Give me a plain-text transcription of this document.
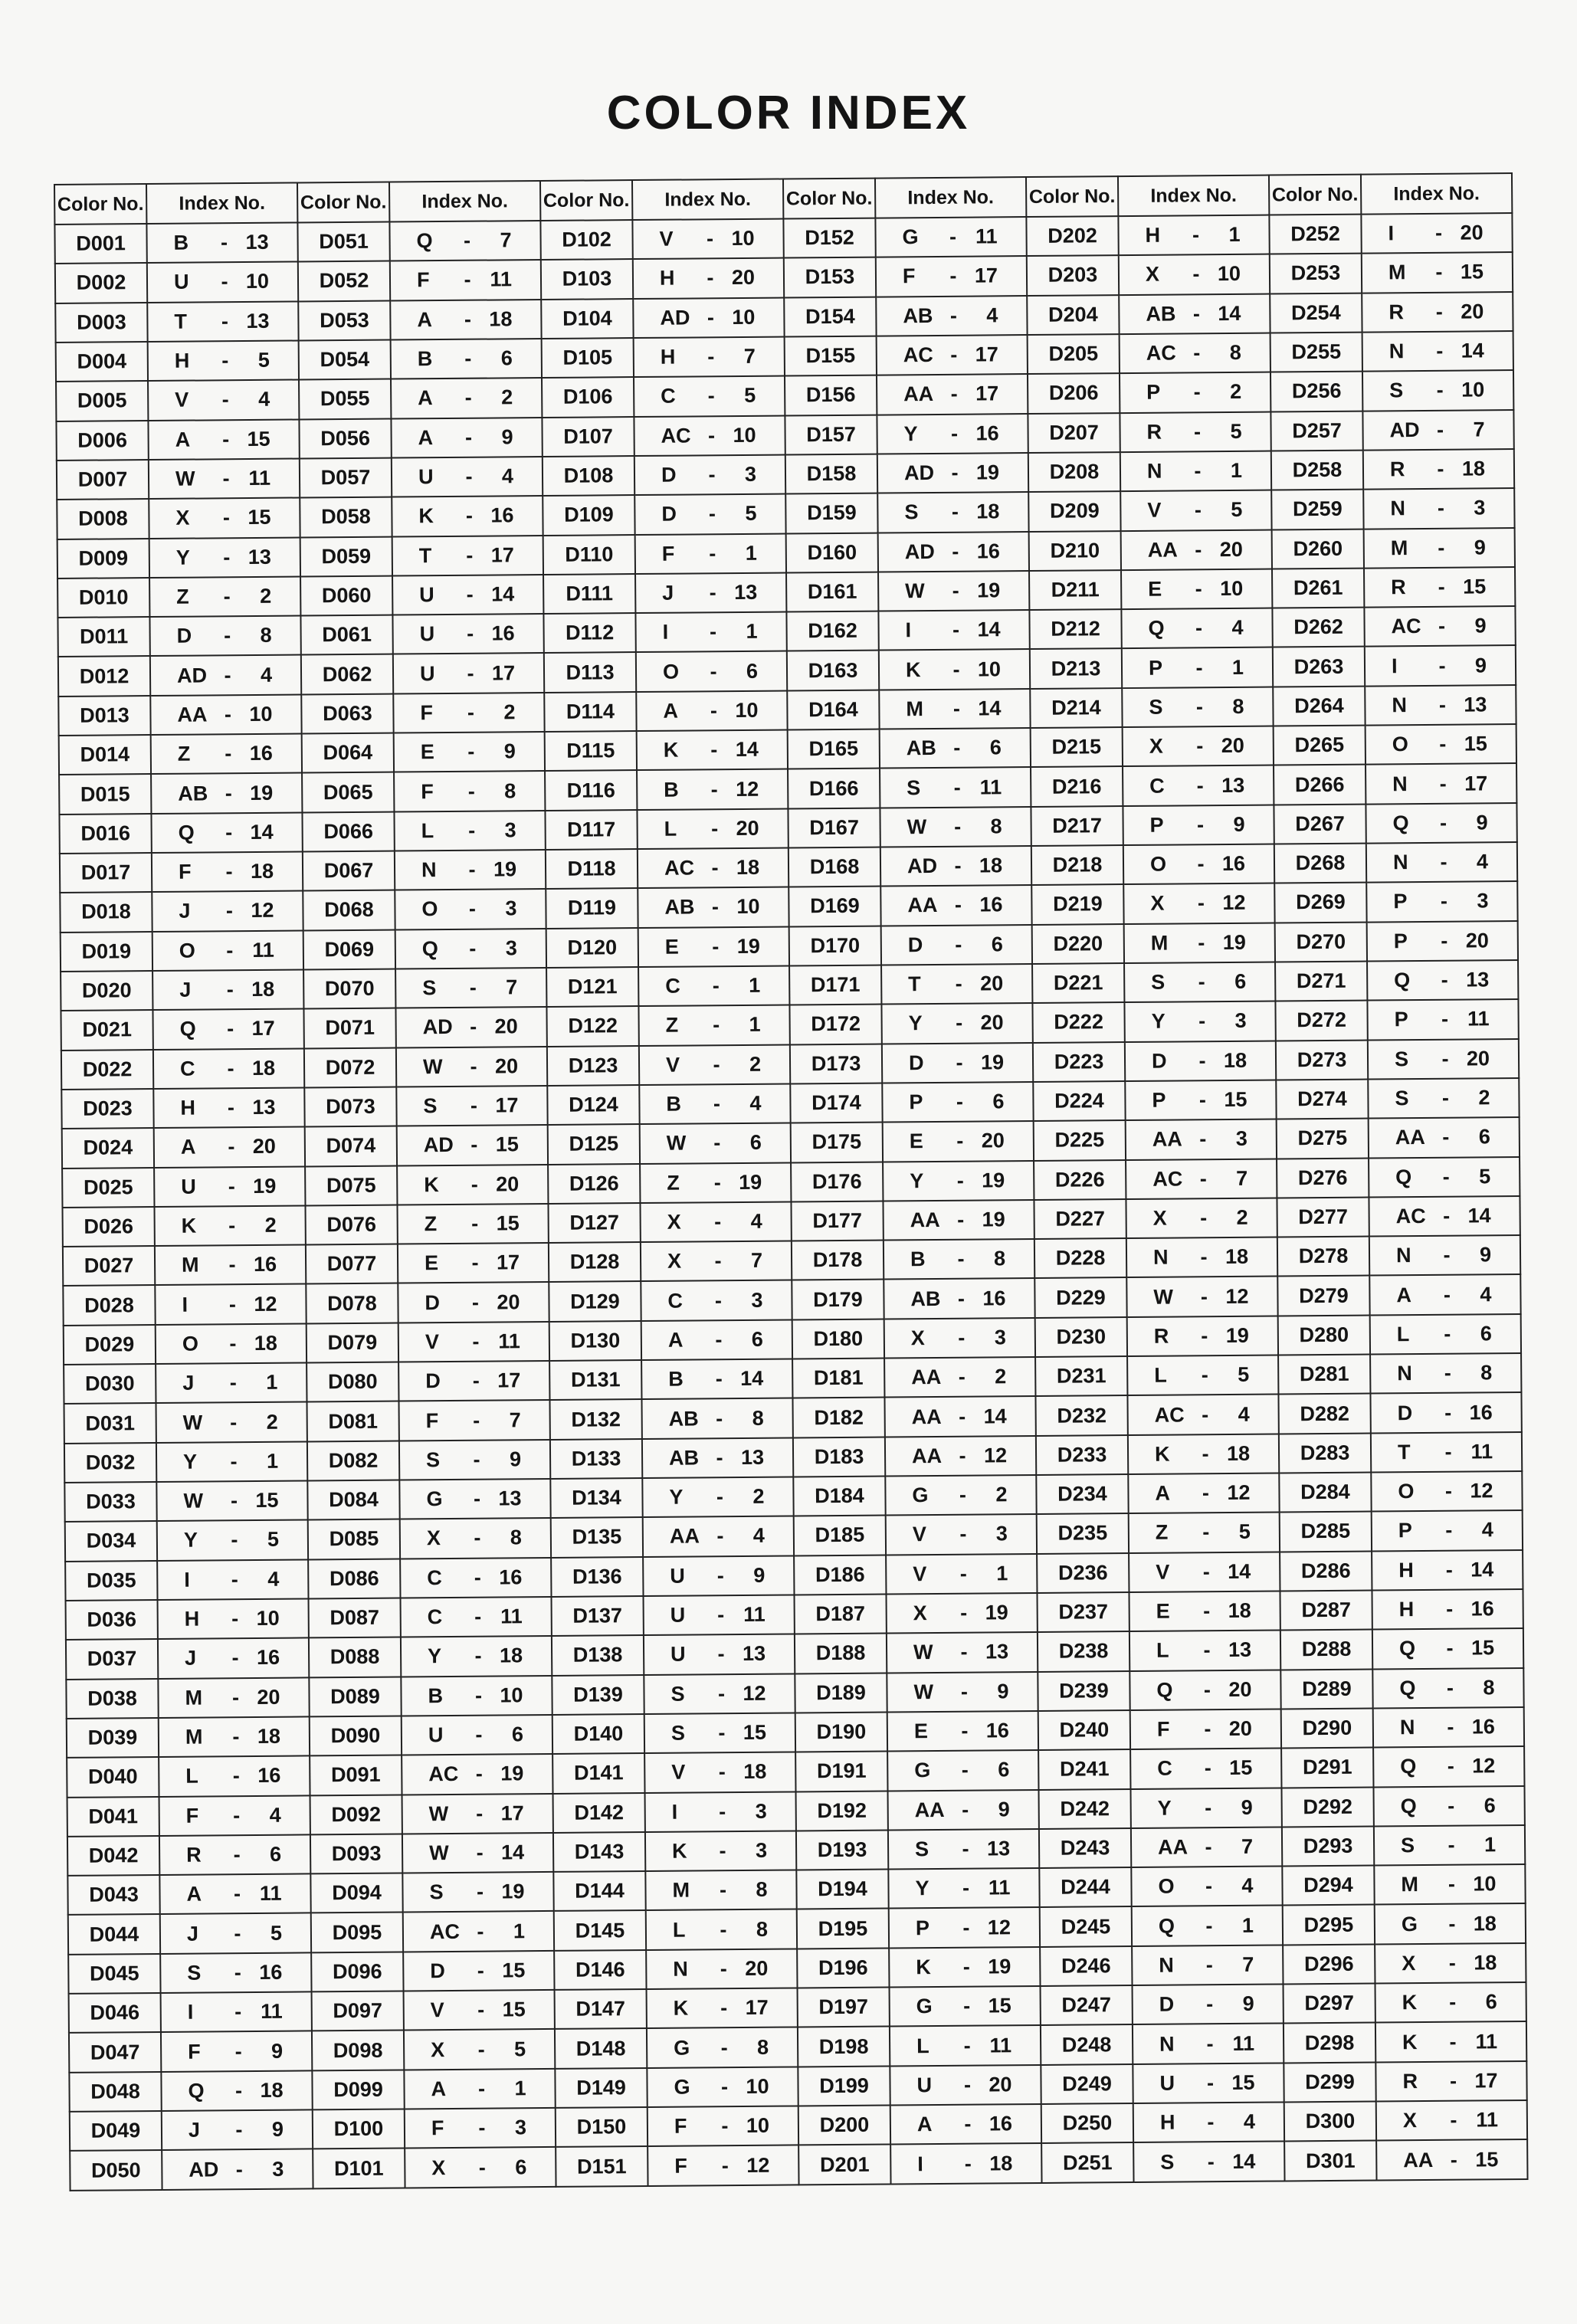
COLOR INDEX
Color No.	Index No.	Color No.	Index No.	Color No.	Index No.	Color No.	Index No.	Color No.	Index No.	Color No.	Index No.
D001	B - 13	D051	Q - 7	D102	V - 10	D152	G - 11	D202	H - 1	D252	I - 20
D002	U - 10	D052	F - 11	D103	H - 20	D153	F - 17	D203	X - 10	D253	M - 15
D003	T - 13	D053	A - 18	D104	AD - 10	D154	AB - 4	D204	AB - 14	D254	R - 20
D004	H - 5	D054	B - 6	D105	H - 7	D155	AC - 17	D205	AC - 8	D255	N - 14
D005	V - 4	D055	A - 2	D106	C - 5	D156	AA - 17	D206	P - 2	D256	S - 10
D006	A - 15	D056	A - 9	D107	AC - 10	D157	Y - 16	D207	R - 5	D257	AD - 7
D007	W - 11	D057	U - 4	D108	D - 3	D158	AD - 19	D208	N - 1	D258	R - 18
D008	X - 15	D058	K - 16	D109	D - 5	D159	S - 18	D209	V - 5	D259	N - 3
D009	Y - 13	D059	T - 17	D110	F - 1	D160	AD - 16	D210	AA - 20	D260	M - 9
D010	Z - 2	D060	U - 14	D111	J - 13	D161	W - 19	D211	E - 10	D261	R - 15
D011	D - 8	D061	U - 16	D112	I - 1	D162	I - 14	D212	Q - 4	D262	AC - 9
D012	AD - 4	D062	U - 17	D113	O - 6	D163	K - 10	D213	P - 1	D263	I - 9
D013	AA - 10	D063	F - 2	D114	A - 10	D164	M - 14	D214	S - 8	D264	N - 13
D014	Z - 16	D064	E - 9	D115	K - 14	D165	AB - 6	D215	X - 20	D265	O - 15
D015	AB - 19	D065	F - 8	D116	B - 12	D166	S - 11	D216	C - 13	D266	N - 17
D016	Q - 14	D066	L - 3	D117	L - 20	D167	W - 8	D217	P - 9	D267	Q - 9
D017	F - 18	D067	N - 19	D118	AC - 18	D168	AD - 18	D218	O - 16	D268	N - 4
D018	J - 12	D068	O - 3	D119	AB - 10	D169	AA - 16	D219	X - 12	D269	P - 3
D019	O - 11	D069	Q - 3	D120	E - 19	D170	D - 6	D220	M - 19	D270	P - 20
D020	J - 18	D070	S - 7	D121	C - 1	D171	T - 20	D221	S - 6	D271	Q - 13
D021	Q - 17	D071	AD - 20	D122	Z - 1	D172	Y - 20	D222	Y - 3	D272	P - 11
D022	C - 18	D072	W - 20	D123	V - 2	D173	D - 19	D223	D - 18	D273	S - 20
D023	H - 13	D073	S - 17	D124	B - 4	D174	P - 6	D224	P - 15	D274	S - 2
D024	A - 20	D074	AD - 15	D125	W - 6	D175	E - 20	D225	AA - 3	D275	AA - 6
D025	U - 19	D075	K - 20	D126	Z - 19	D176	Y - 19	D226	AC - 7	D276	Q - 5
D026	K - 2	D076	Z - 15	D127	X - 4	D177	AA - 19	D227	X - 2	D277	AC - 14
D027	M - 16	D077	E - 17	D128	X - 7	D178	B - 8	D228	N - 18	D278	N - 9
D028	I - 12	D078	D - 20	D129	C - 3	D179	AB - 16	D229	W - 12	D279	A - 4
D029	O - 18	D079	V - 11	D130	A - 6	D180	X - 3	D230	R - 19	D280	L - 6
D030	J - 1	D080	D - 17	D131	B - 14	D181	AA - 2	D231	L - 5	D281	N - 8
D031	W - 2	D081	F - 7	D132	AB - 8	D182	AA - 14	D232	AC - 4	D282	D - 16
D032	Y - 1	D082	S - 9	D133	AB - 13	D183	AA - 12	D233	K - 18	D283	T - 11
D033	W - 15	D084	G - 13	D134	Y - 2	D184	G - 2	D234	A - 12	D284	O - 12
D034	Y - 5	D085	X - 8	D135	AA - 4	D185	V - 3	D235	Z - 5	D285	P - 4
D035	I - 4	D086	C - 16	D136	U - 9	D186	V - 1	D236	V - 14	D286	H - 14
D036	H - 10	D087	C - 11	D137	U - 11	D187	X - 19	D237	E - 18	D287	H - 16
D037	J - 16	D088	Y - 18	D138	U - 13	D188	W - 13	D238	L - 13	D288	Q - 15
D038	M - 20	D089	B - 10	D139	S - 12	D189	W - 9	D239	Q - 20	D289	Q - 8
D039	M - 18	D090	U - 6	D140	S - 15	D190	E - 16	D240	F - 20	D290	N - 16
D040	L - 16	D091	AC - 19	D141	V - 18	D191	G - 6	D241	C - 15	D291	Q - 12
D041	F - 4	D092	W - 17	D142	I - 3	D192	AA - 9	D242	Y - 9	D292	Q - 6
D042	R - 6	D093	W - 14	D143	K - 3	D193	S - 13	D243	AA - 7	D293	S - 1
D043	A - 11	D094	S - 19	D144	M - 8	D194	Y - 11	D244	O - 4	D294	M - 10
D044	J - 5	D095	AC - 1	D145	L - 8	D195	P - 12	D245	Q - 1	D295	G - 18
D045	S - 16	D096	D - 15	D146	N - 20	D196	K - 19	D246	N - 7	D296	X - 18
D046	I - 11	D097	V - 15	D147	K - 17	D197	G - 15	D247	D - 9	D297	K - 6
D047	F - 9	D098	X - 5	D148	G - 8	D198	L - 11	D248	N - 11	D298	K - 11
D048	Q - 18	D099	A - 1	D149	G - 10	D199	U - 20	D249	U - 15	D299	R - 17
D049	J - 9	D100	F - 3	D150	F - 10	D200	A - 16	D250	H - 4	D300	X - 11
D050	AD - 3	D101	X - 6	D151	F - 12	D201	I - 18	D251	S - 14	D301	AA - 15
